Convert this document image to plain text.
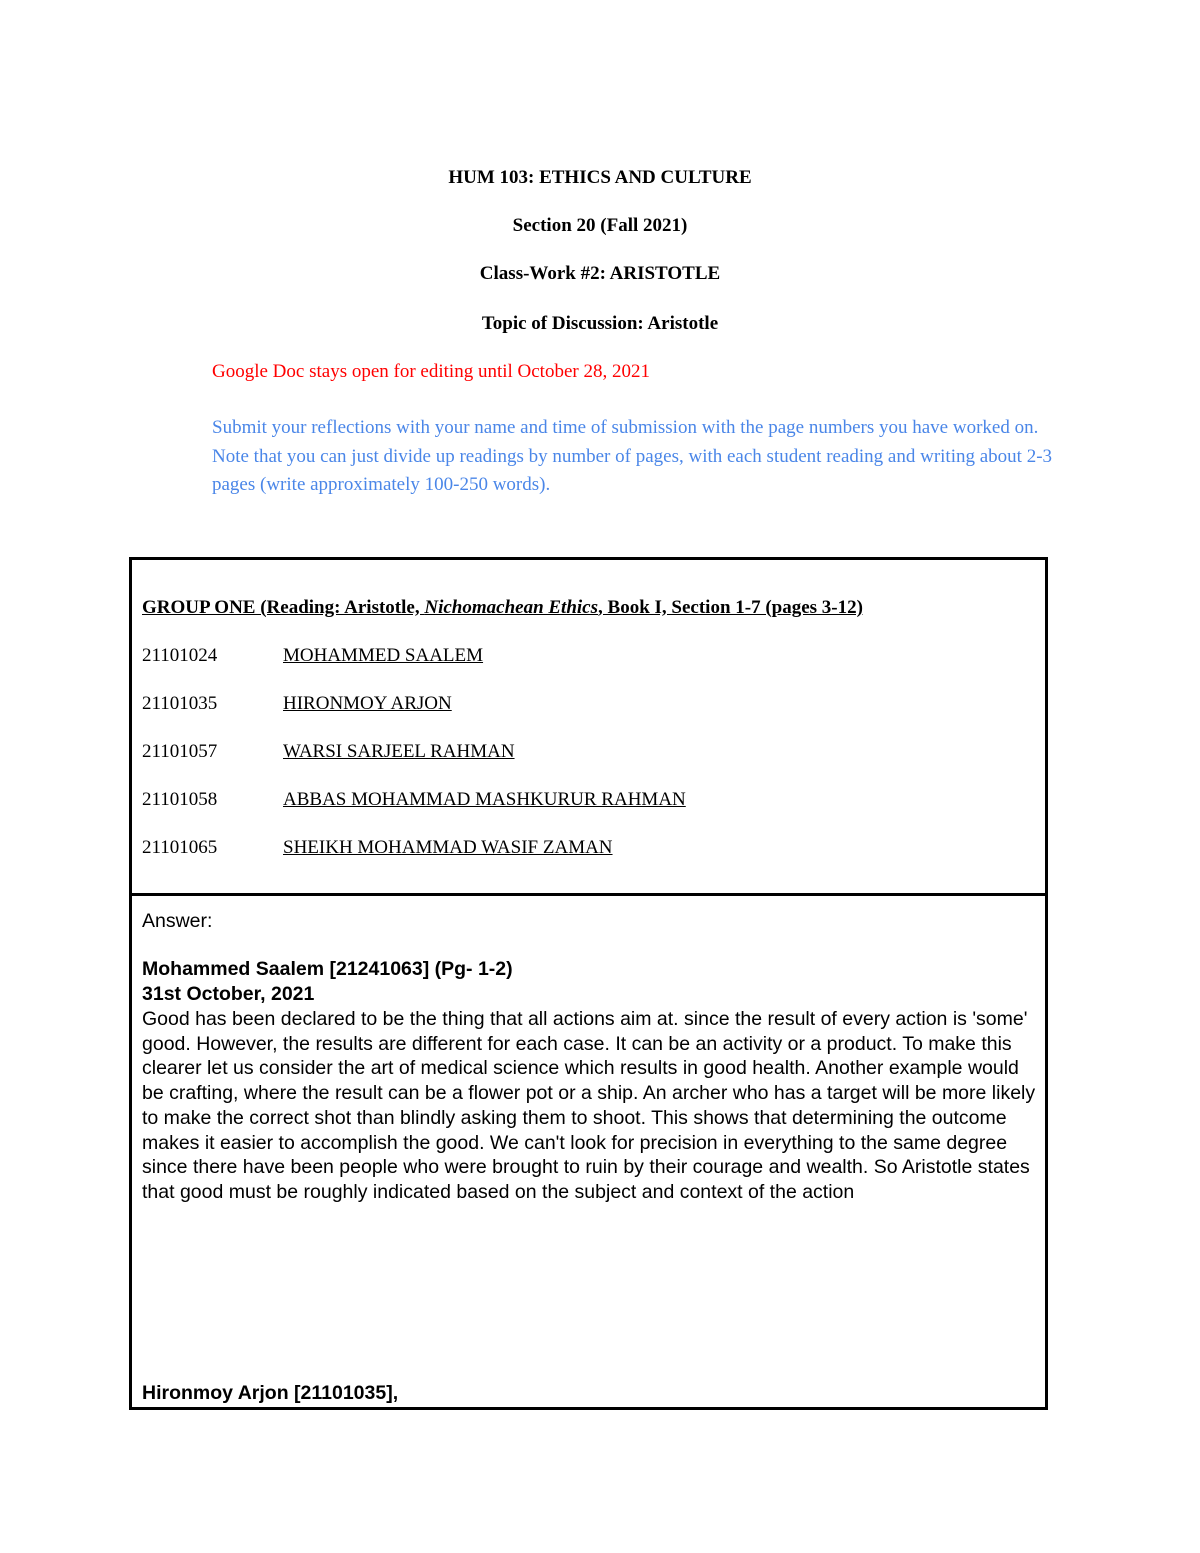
HUM 103: ETHICS AND CULTURE
Section 20 (Fall 2021)
Class-Work #2: ARISTOTLE
Topic of Discussion: Aristotle
Google Doc stays open for editing until October 28, 2021
Submit your reflections with your name and time of submission with the page numbers you have worked on.
Note that you can just divide up readings by number of pages, with each student reading and writing about 2-3 pages (write approximately 100-250 words).
GROUP ONE (Reading: Aristotle, Nichomachean Ethics, Book I, Section 1-7 (pages 3-12)
21101024	MOHAMMED SAALEM
21101035	HIRONMOY ARJON
21101057	WARSI SARJEEL RAHMAN
21101058	ABBAS MOHAMMAD MASHKURUR RAHMAN
21101065	SHEIKH MOHAMMAD WASIF ZAMAN
Answer:
Mohammed Saalem [21241063] (Pg- 1-2)
31st October, 2021
Good has been declared to be the thing that all actions aim at. since the result of every action is 'some' good. However, the results are different for each case. It can be an activity or a product. To make this clearer let us consider the art of medical science which results in good health. Another example would be crafting, where the result can be a flower pot or a ship. An archer who has a target will be more likely to make the correct shot than blindly asking them to shoot. This shows that determining the outcome makes it easier to accomplish the good. We can't look for precision in everything to the same degree since there have been people who were brought to ruin by their courage and wealth. So Aristotle states that good must be roughly indicated based on the subject and context of the action
Hironmoy Arjon [21101035],
